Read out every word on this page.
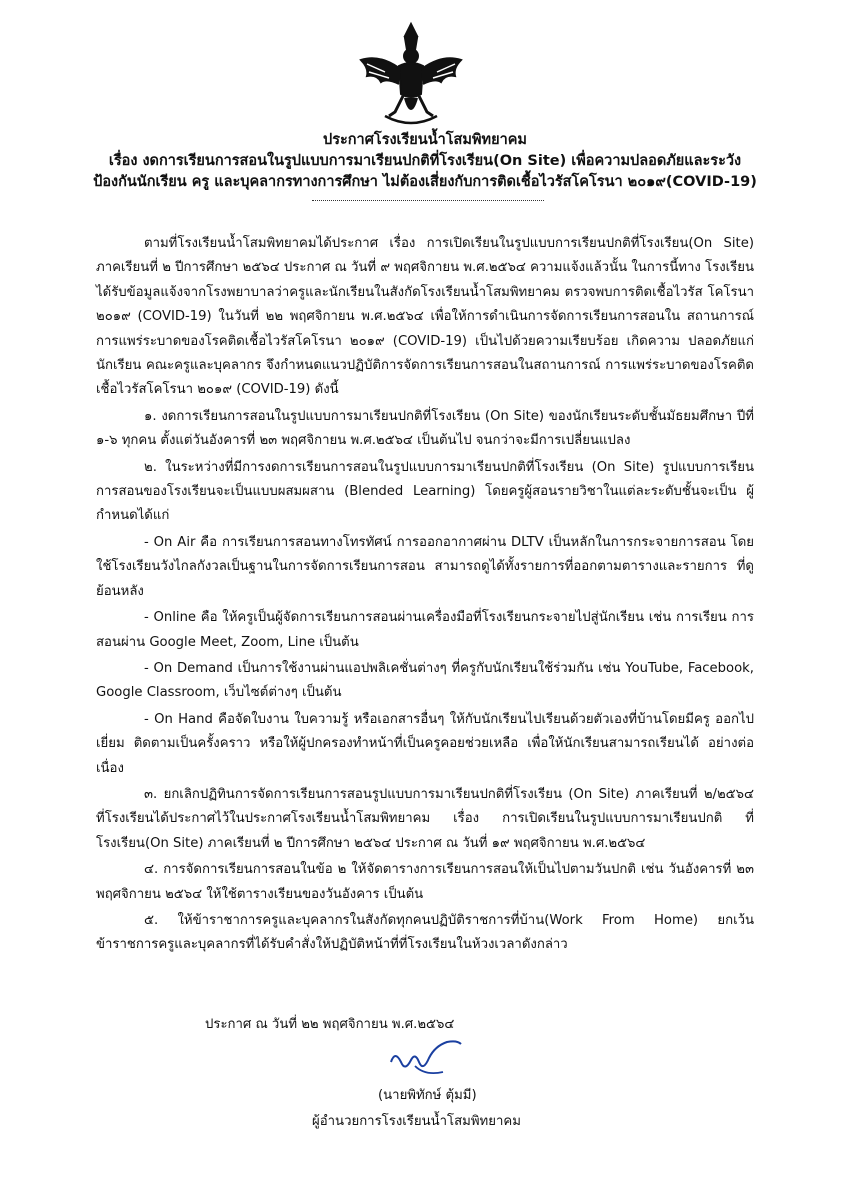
ประกาศโรงเรียนน้ำโสมพิทยาคม
เรื่อง งดการเรียนการสอนในรูปแบบการมาเรียนปกติที่โรงเรียน(On Site) เพื่อความปลอดภัยและระวัง
ป้องกันนักเรียน ครู และบุคลากรทางการศึกษา ไม่ต้องเสี่ยงกับการติดเชื้อไวรัสโคโรนา ๒๐๑๙(COVID-19)

ตามที่โรงเรียนน้ำโสมพิทยาคมได้ประกาศ เรื่อง การเปิดเรียนในรูปแบบการเรียนปกติที่โรงเรียน(On Site) ภาคเรียนที่ ๒ ปีการศึกษา ๒๕๖๔ ประกาศ ณ วันที่ ๙ พฤศจิกายน พ.ศ.๒๕๖๔ ความแจ้งแล้วนั้น ในการนี้ทาง โรงเรียนได้รับข้อมูลแจ้งจากโรงพยาบาลว่าครูและนักเรียนในสังกัดโรงเรียนน้ำโสมพิทยาคม ตรวจพบการติดเชื้อไวรัส โคโรนา ๒๐๑๙ (COVID-19) ในวันที่ ๒๒ พฤศจิกายน พ.ศ.๒๕๖๔ เพื่อให้การดำเนินการจัดการเรียนการสอนใน สถานการณ์การแพร่ระบาดของโรคติดเชื้อไวรัสโคโรนา ๒๐๑๙ (COVID-19) เป็นไปด้วยความเรียบร้อย เกิดความ ปลอดภัยแก่นักเรียน คณะครูและบุคลากร จึงกำหนดแนวปฏิบัติการจัดการเรียนการสอนในสถานการณ์ การแพร่ระบาดของโรคติดเชื้อไวรัสโคโรนา ๒๐๑๙ (COVID-19) ดังนี้

๑. งดการเรียนการสอนในรูปแบบการมาเรียนปกติที่โรงเรียน (On Site) ของนักเรียนระดับชั้นมัธยมศึกษา ปีที่ ๑-๖ ทุกคน ตั้งแต่วันอังคารที่ ๒๓ พฤศจิกายน พ.ศ.๒๕๖๔ เป็นต้นไป จนกว่าจะมีการเปลี่ยนแปลง

๒. ในระหว่างที่มีการงดการเรียนการสอนในรูปแบบการมาเรียนปกติที่โรงเรียน (On Site) รูปแบบการเรียน การสอนของโรงเรียนจะเป็นแบบผสมผสาน (Blended Learning) โดยครูผู้สอนรายวิชาในแต่ละระดับชั้นจะเป็น ผู้กำหนดได้แก่

- On Air คือ การเรียนการสอนทางโทรทัศน์ การออกอากาศผ่าน DLTV เป็นหลักในการกระจายการสอน โดยใช้โรงเรียนวังไกลกังวลเป็นฐานในการจัดการเรียนการสอน สามารถดูได้ทั้งรายการที่ออกตามตารางและรายการ ที่ดูย้อนหลัง

- Online คือ ให้ครูเป็นผู้จัดการเรียนการสอนผ่านเครื่องมือที่โรงเรียนกระจายไปสู่นักเรียน เช่น การเรียน การสอนผ่าน Google Meet, Zoom, Line เป็นต้น

- On Demand เป็นการใช้งานผ่านแอปพลิเคชั่นต่างๆ ที่ครูกับนักเรียนใช้ร่วมกัน เช่น YouTube, Facebook, Google Classroom, เว็บไซต์ต่างๆ เป็นต้น

- On Hand คือจัดใบงาน ใบความรู้ หรือเอกสารอื่นๆ ให้กับนักเรียนไปเรียนด้วยตัวเองที่บ้านโดยมีครู ออกไปเยี่ยม ติดตามเป็นครั้งคราว หรือให้ผู้ปกครองทำหน้าที่เป็นครูคอยช่วยเหลือ เพื่อให้นักเรียนสามารถเรียนได้ อย่างต่อเนื่อง

๓. ยกเลิกปฏิทินการจัดการเรียนการสอนรูปแบบการมาเรียนปกติที่โรงเรียน (On Site) ภาคเรียนที่ ๒/๒๕๖๔ ที่โรงเรียนได้ประกาศไว้ในประกาศโรงเรียนน้ำโสมพิทยาคม เรื่อง การเปิดเรียนในรูปแบบการมาเรียนปกติ ที่โรงเรียน(On Site) ภาคเรียนที่ ๒ ปีการศึกษา ๒๕๖๔ ประกาศ ณ วันที่ ๑๙ พฤศจิกายน พ.ศ.๒๕๖๔

๔. การจัดการเรียนการสอนในข้อ ๒ ให้จัดตารางการเรียนการสอนให้เป็นไปตามวันปกติ เช่น วันอังคารที่ ๒๓ พฤศจิกายน ๒๕๖๔ ให้ใช้ตารางเรียนของวันอังคาร เป็นต้น

๕. ให้ข้าราชาการครูและบุคลากรในสังกัดทุกคนปฏิบัติราชการที่บ้าน(Work From Home) ยกเว้น ข้าราชการครูและบุคลากรที่ได้รับคำสั่งให้ปฏิบัติหน้าที่ที่โรงเรียนในห้วงเวลาดังกล่าว

ประกาศ ณ วันที่ ๒๒ พฤศจิกายน พ.ศ.๒๕๖๔
(นายพิทักษ์ ตุ้มมี)
ผู้อำนวยการโรงเรียนน้ำโสมพิทยาคม
